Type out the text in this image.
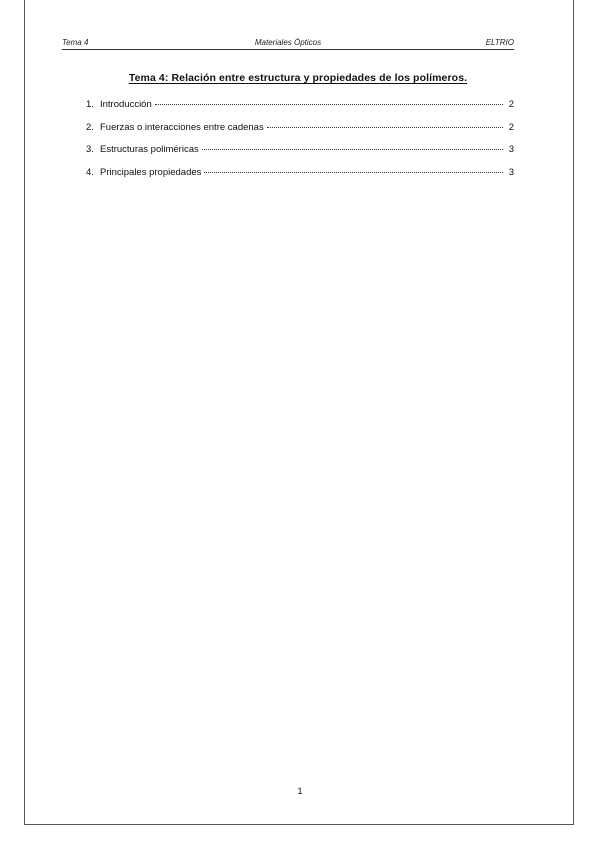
Tema 4	Materiales Ópticos	ELTRIO
Tema 4: Relación entre estructura y propiedades de los polímeros.
1. Introducción	2
2. Fuerzas o interacciones entre cadenas	2
3. Estructuras poliméricas	3
4. Principales propiedades	3
1
